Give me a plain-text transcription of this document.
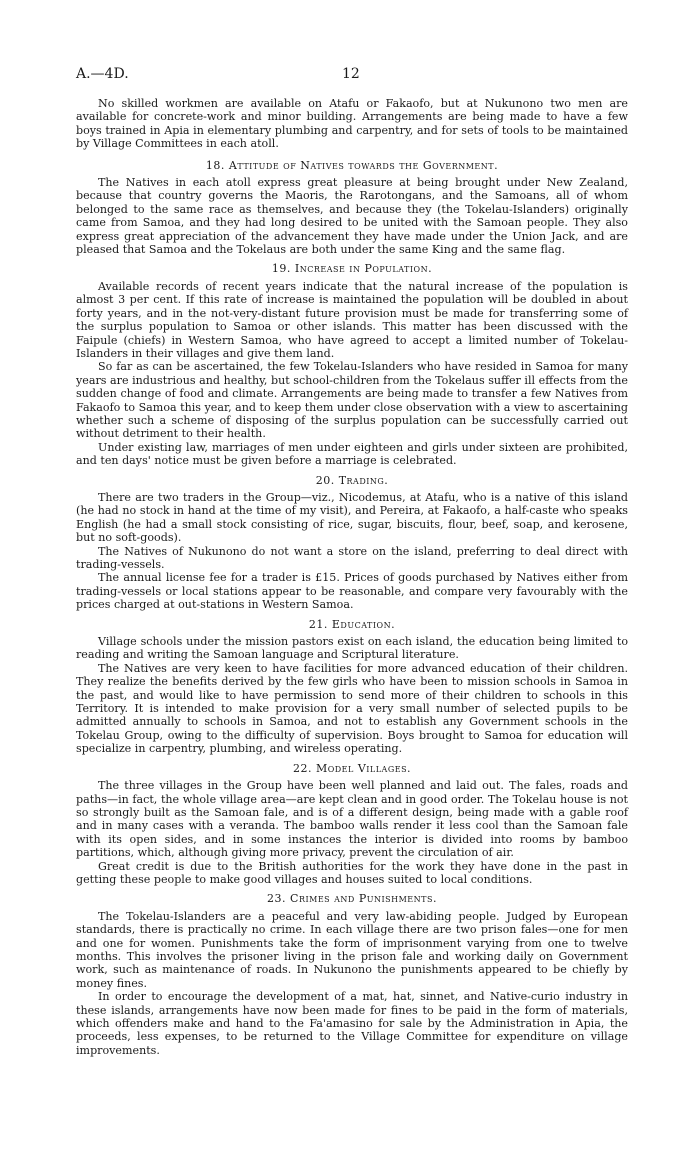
A.—4D.	12

No skilled workmen are available on Atafu or Fakaofo, but at Nukunono two men are available for concrete-work and minor building. Arrangements are being made to have a few boys trained in Apia in elementary plumbing and carpentry, and for sets of tools to be maintained by Village Committees in each atoll.

18. Attitude of Natives towards the Government.

The Natives in each atoll express great pleasure at being brought under New Zealand, because that country governs the Maoris, the Rarotongans, and the Samoans, all of whom belonged to the same race as themselves, and because they (the Tokelau-Islanders) originally came from Samoa, and they had long desired to be united with the Samoan people. They also express great appreciation of the advancement they have made under the Union Jack, and are pleased that Samoa and the Tokelaus are both under the same King and the same flag.

19. Increase in Population.

Available records of recent years indicate that the natural increase of the population is almost 3 per cent. If this rate of increase is maintained the population will be doubled in about forty years, and in the not-very-distant future provision must be made for transferring some of the surplus population to Samoa or other islands. This matter has been discussed with the Faipule (chiefs) in Western Samoa, who have agreed to accept a limited number of Tokelau-Islanders in their villages and give them land.

So far as can be ascertained, the few Tokelau-Islanders who have resided in Samoa for many years are industrious and healthy, but school-children from the Tokelaus suffer ill effects from the sudden change of food and climate. Arrangements are being made to transfer a few Natives from Fakaofo to Samoa this year, and to keep them under close observation with a view to ascertaining whether such a scheme of disposing of the surplus population can be successfully carried out without detriment to their health.

Under existing law, marriages of men under eighteen and girls under sixteen are prohibited, and ten days' notice must be given before a marriage is celebrated.

20. Trading.

There are two traders in the Group—viz., Nicodemus, at Atafu, who is a native of this island (he had no stock in hand at the time of my visit), and Pereira, at Fakaofo, a half-caste who speaks English (he had a small stock consisting of rice, sugar, biscuits, flour, beef, soap, and kerosene, but no soft-goods).

The Natives of Nukunono do not want a store on the island, preferring to deal direct with trading-vessels.

The annual license fee for a trader is £15. Prices of goods purchased by Natives either from trading-vessels or local stations appear to be reasonable, and compare very favourably with the prices charged at out-stations in Western Samoa.

21. Education.

Village schools under the mission pastors exist on each island, the education being limited to reading and writing the Samoan language and Scriptural literature.

The Natives are very keen to have facilities for more advanced education of their children. They realize the benefits derived by the few girls who have been to mission schools in Samoa in the past, and would like to have permission to send more of their children to schools in this Territory. It is intended to make provision for a very small number of selected pupils to be admitted annually to schools in Samoa, and not to establish any Government schools in the Tokelau Group, owing to the difficulty of supervision. Boys brought to Samoa for education will specialize in carpentry, plumbing, and wireless operating.

22. Model Villages.

The three villages in the Group have been well planned and laid out. The fales, roads and paths—in fact, the whole village area—are kept clean and in good order. The Tokelau house is not so strongly built as the Samoan fale, and is of a different design, being made with a gable roof and in many cases with a veranda. The bamboo walls render it less cool than the Samoan fale with its open sides, and in some instances the interior is divided into rooms by bamboo partitions, which, although giving more privacy, prevent the circulation of air.

Great credit is due to the British authorities for the work they have done in the past in getting these people to make good villages and houses suited to local conditions.

23. Crimes and Punishments.

The Tokelau-Islanders are a peaceful and very law-abiding people. Judged by European standards, there is practically no crime. In each village there are two prison fales—one for men and one for women. Punishments take the form of imprisonment varying from one to twelve months. This involves the prisoner living in the prison fale and working daily on Government work, such as maintenance of roads. In Nukunono the punishments appeared to be chiefly by money fines.

In order to encourage the development of a mat, hat, sinnet, and Native-curio industry in these islands, arrangements have now been made for fines to be paid in the form of materials, which offenders make and hand to the Fa'amasino for sale by the Administration in Apia, the proceeds, less expenses, to be returned to the Village Committee for expenditure on village improvements.
